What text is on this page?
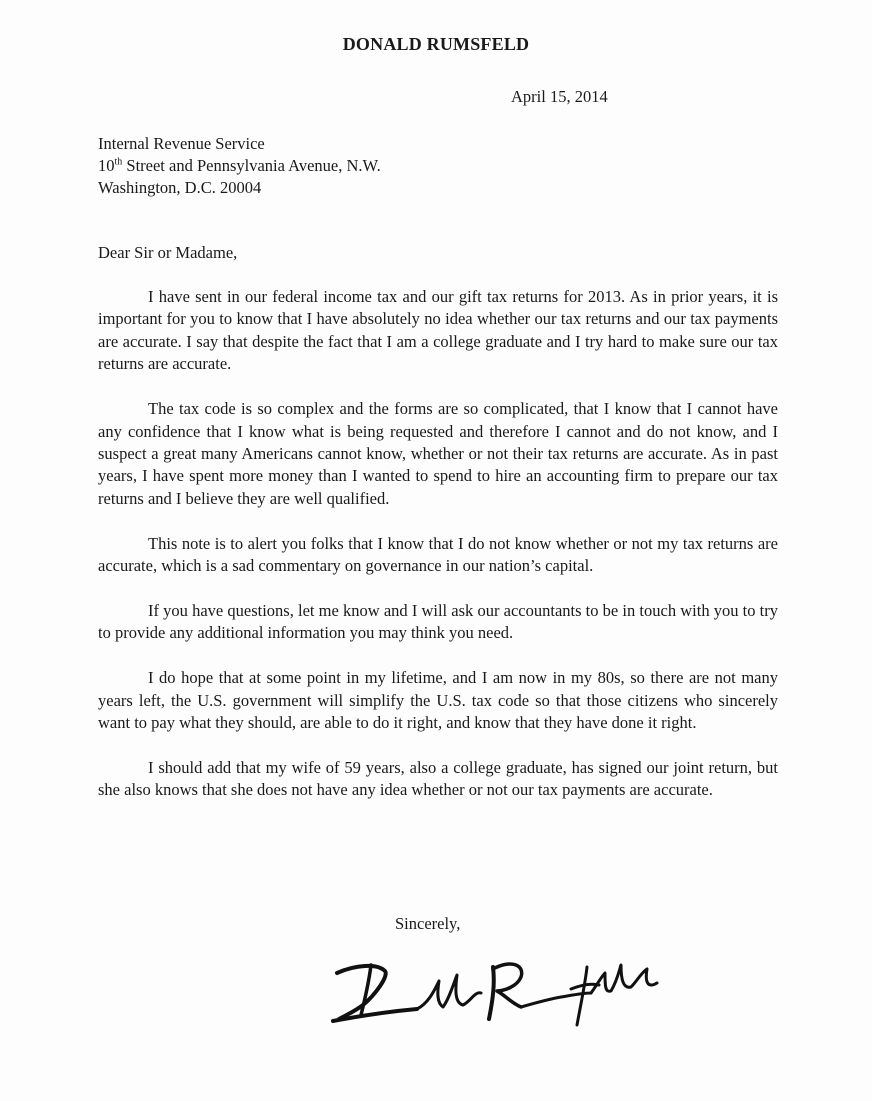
DONALD RUMSFELD
April 15, 2014
Internal Revenue Service
10th Street and Pennsylvania Avenue, N.W.
Washington, D.C. 20004
Dear Sir or Madame,

I have sent in our federal income tax and our gift tax returns for 2013. As in prior years, it is important for you to know that I have absolutely no idea whether our tax returns and our tax payments are accurate. I say that despite the fact that I am a college graduate and I try hard to make sure our tax returns are accurate.

The tax code is so complex and the forms are so complicated, that I know that I cannot have any confidence that I know what is being requested and therefore I cannot and do not know, and I suspect a great many Americans cannot know, whether or not their tax returns are accurate. As in past years, I have spent more money than I wanted to spend to hire an accounting firm to prepare our tax returns and I believe they are well qualified.

This note is to alert you folks that I know that I do not know whether or not my tax returns are accurate, which is a sad commentary on governance in our nation’s capital.

If you have questions, let me know and I will ask our accountants to be in touch with you to try to provide any additional information you may think you need.

I do hope that at some point in my lifetime, and I am now in my 80s, so there are not many years left, the U.S. government will simplify the U.S. tax code so that those citizens who sincerely want to pay what they should, are able to do it right, and know that they have done it right.

I should add that my wife of 59 years, also a college graduate, has signed our joint return, but she also knows that she does not have any idea whether or not our tax payments are accurate.

Sincerely,
